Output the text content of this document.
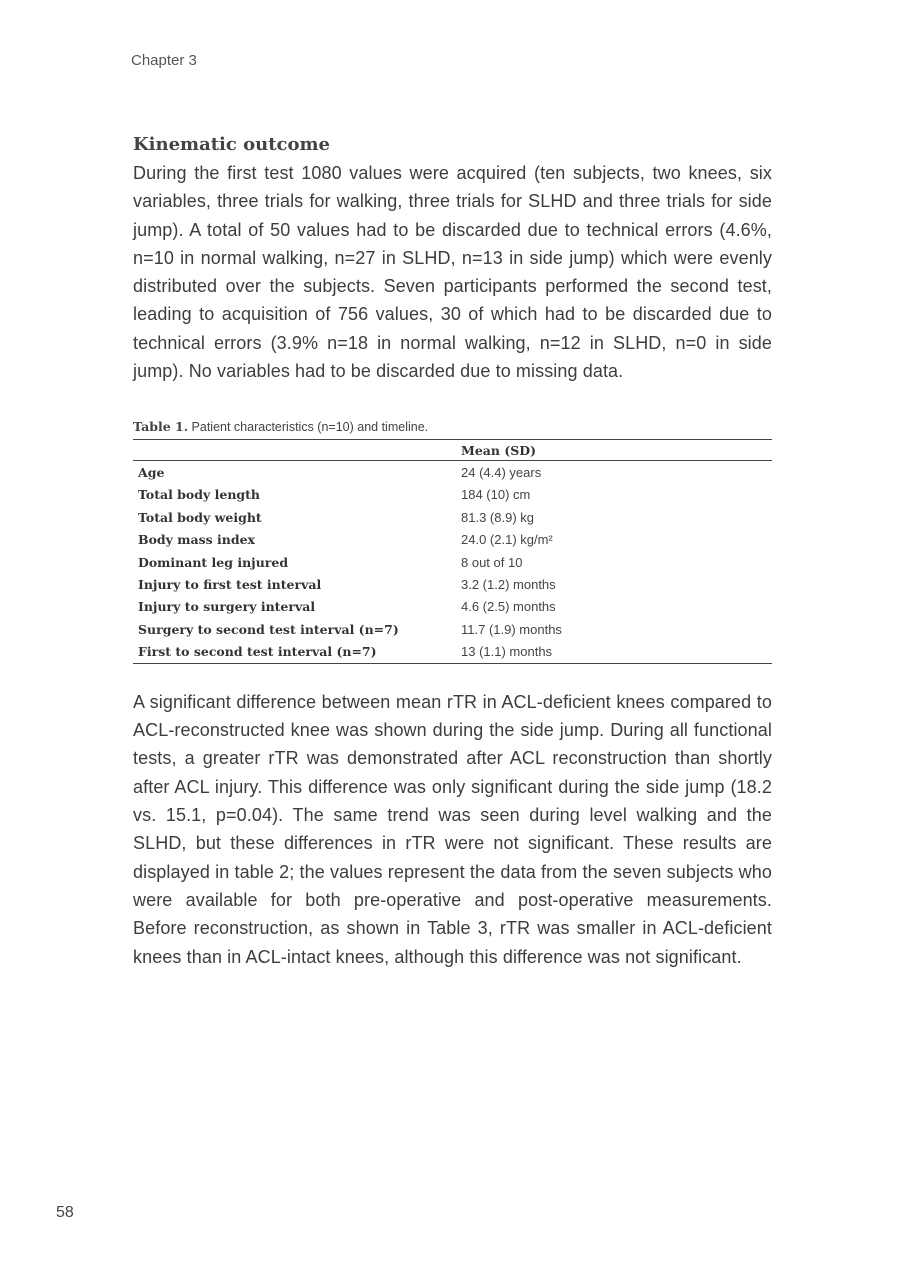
Chapter 3
Kinematic outcome

During the first test 1080 values were acquired (ten subjects, two knees, six variables, three trials for walking, three trials for SLHD and three trials for side jump). A total of 50 values had to be discarded due to technical errors (4.6%, n=10 in normal walking, n=27 in SLHD, n=13 in side jump) which were evenly distributed over the subjects. Seven participants performed the second test, leading to acquisition of 756 values, 30 of which had to be discarded due to technical errors (3.9% n=18 in normal walking, n=12 in SLHD, n=0 in side jump). No variables had to be discarded due to missing data.

Table 1. Patient characteristics (n=10) and timeline.
	Mean (SD)
Age	24 (4.4) years
Total body length	184 (10) cm
Total body weight	81.3 (8.9) kg
Body mass index	24.0 (2.1) kg/m²
Dominant leg injured	8 out of 10
Injury to first test interval	3.2 (1.2) months
Injury to surgery interval	4.6 (2.5) months
Surgery to second test interval (n=7)	11.7 (1.9) months
First to second test interval (n=7)	13 (1.1) months

A significant difference between mean rTR in ACL-deficient knees compared to ACL-reconstructed knee was shown during the side jump. During all functional tests, a greater rTR was demonstrated after ACL reconstruction than shortly after ACL injury. This difference was only significant during the side jump (18.2 vs. 15.1, p=0.04). The same trend was seen during level walking and the SLHD, but these differences in rTR were not significant. These results are displayed in table 2; the values represent the data from the seven subjects who were available for both pre-operative and post-operative measurements. Before reconstruction, as shown in Table 3, rTR was smaller in ACL-deficient knees than in ACL-intact knees, although this difference was not significant.

58
